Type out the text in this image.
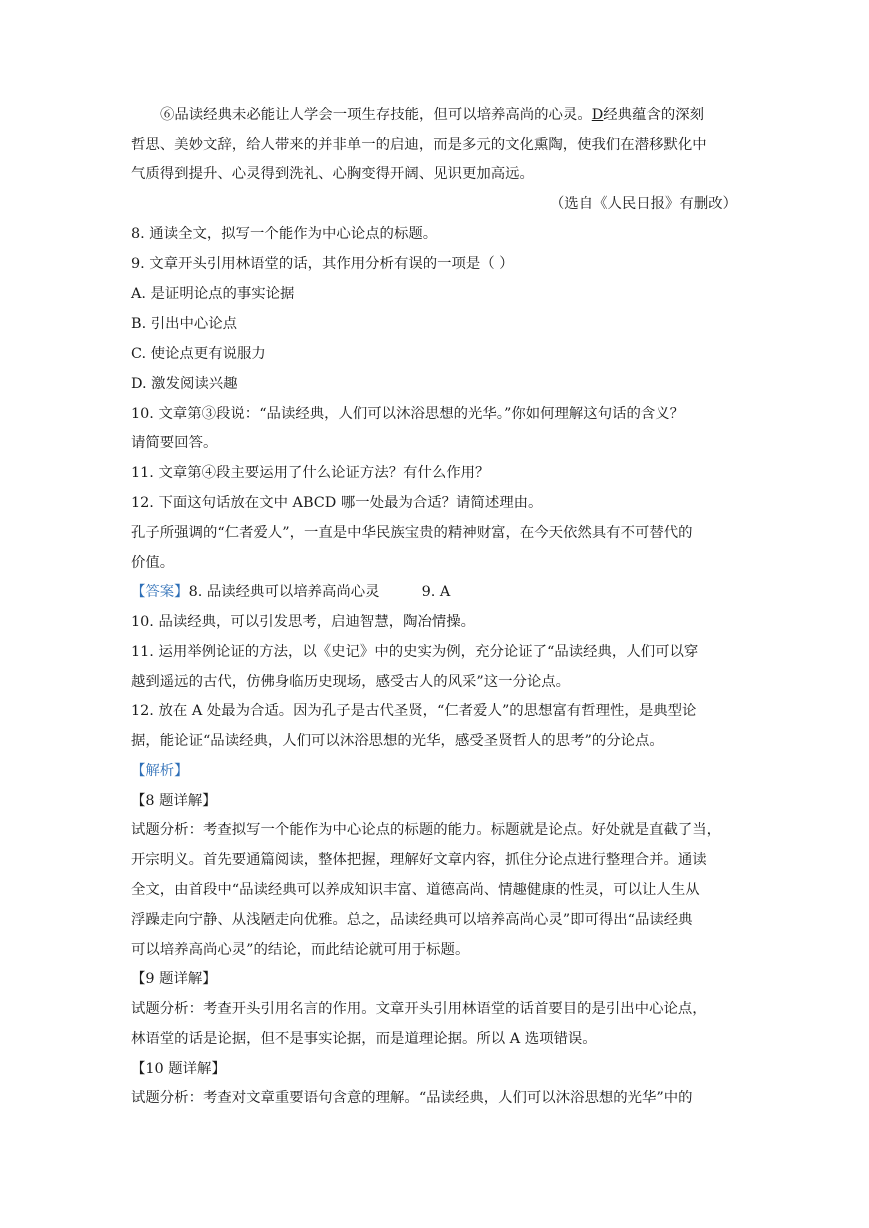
⑥品读经典未必能让人学会一项生存技能，但可以培养高尚的心灵。D经典蕴含的深刻
哲思、美妙文辞，给人带来的并非单一的启迪，而是多元的文化熏陶，使我们在潜移默化中
气质得到提升、心灵得到洗礼、心胸变得开阔、见识更加高远。
（选自《人民日报》有删改）
8. 通读全文，拟写一个能作为中心论点的标题。
9. 文章开头引用林语堂的话，其作用分析有误的一项是（ ）
A. 是证明论点的事实论据
B. 引出中心论点
C. 使论点更有说服力
D. 激发阅读兴趣
10. 文章第③段说：“品读经典，人们可以沐浴思想的光华。”你如何理解这句话的含义？
请简要回答。
11. 文章第④段主要运用了什么论证方法？有什么作用？
12. 下面这句话放在文中 ABCD 哪一处最为合适？请简述理由。
孔子所强调的“仁者爱人”，一直是中华民族宝贵的精神财富，在今天依然具有不可替代的
价值。
【答案】8. 品读经典可以培养高尚心灵	9. A
10. 品读经典，可以引发思考，启迪智慧，陶冶情操。
11. 运用举例论证的方法，以《史记》中的史实为例，充分论证了“品读经典，人们可以穿
越到遥远的古代，仿佛身临历史现场，感受古人的风采”这一分论点。
12. 放在 A 处最为合适。因为孔子是古代圣贤，“仁者爱人”的思想富有哲理性，是典型论
据，能论证“品读经典，人们可以沐浴思想的光华，感受圣贤哲人的思考”的分论点。
【解析】
【8 题详解】
试题分析：考查拟写一个能作为中心论点的标题的能力。标题就是论点。好处就是直截了当，
开宗明义。首先要通篇阅读，整体把握，理解好文章内容，抓住分论点进行整理合并。通读
全文，由首段中“品读经典可以养成知识丰富、道德高尚、情趣健康的性灵，可以让人生从
浮躁走向宁静、从浅陋走向优雅。总之，品读经典可以培养高尚心灵”即可得出“品读经典
可以培养高尚心灵”的结论，而此结论就可用于标题。
【9 题详解】
试题分析：考查开头引用名言的作用。文章开头引用林语堂的话首要目的是引出中心论点，
林语堂的话是论据，但不是事实论据，而是道理论据。所以 A 选项错误。
【10 题详解】
试题分析：考查对文章重要语句含意的理解。“品读经典，人们可以沐浴思想的光华”中的
